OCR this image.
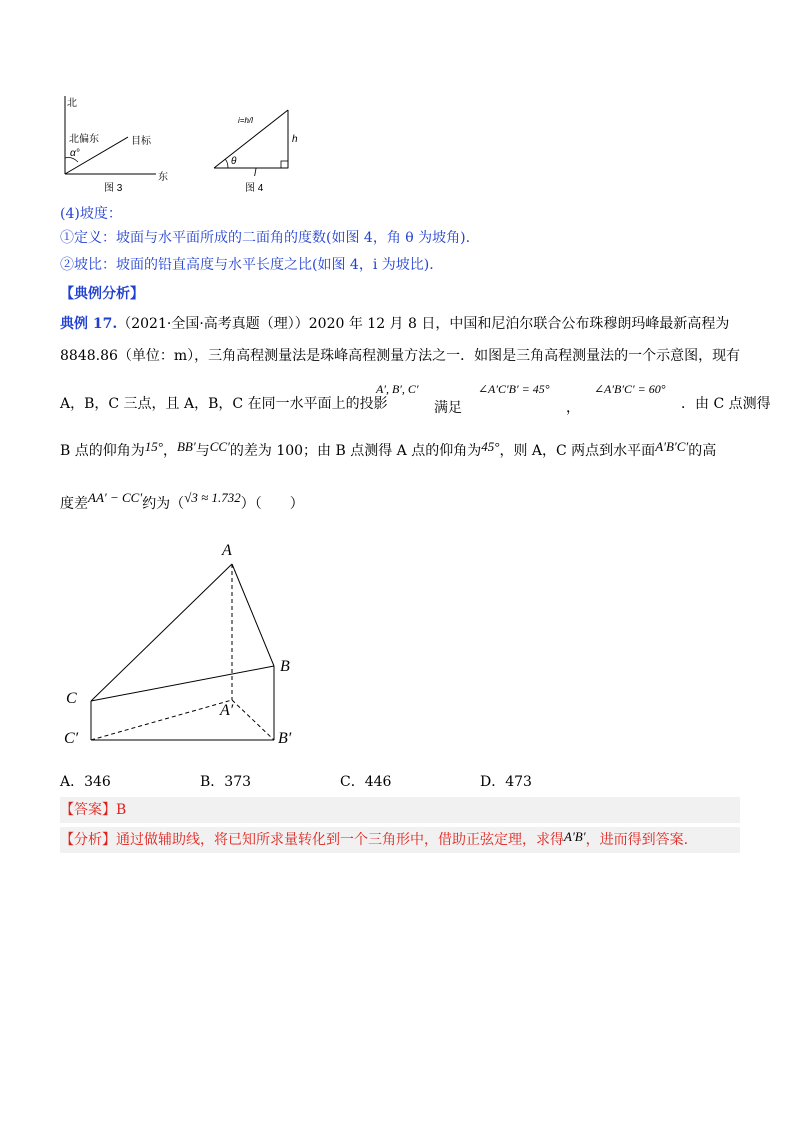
北
北偏东	目标
α°
东
图 3
i=h/l
h
θ
l
图 4
(4)坡度：
①定义：坡面与水平面所成的二面角的度数(如图 4，角 θ 为坡角).
②坡比：坡面的铅直高度与水平长度之比(如图 4，i 为坡比).
【典例分析】
典例 17.（2021·全国·高考真题（理））2020 年 12 月 8 日，中国和尼泊尔联合公布珠穆朗玛峰最新高程为
8848.86（单位：m），三角高程测量法是珠峰高程测量方法之一．如图是三角高程测量法的一个示意图，现有
A，B，C 三点，且 A，B，C 在同一水平面上的投影
A′, B′, C′
满足
∠A′C′B′ = 45°
，
∠A′B′C′ = 60°
．由 C 点测得
B 点的仰角为15°，BB′与CC′的差为 100；由 B 点测得 A 点的仰角为45°，则 A，C 两点到水平面A′B′C′的高
度差AA′ − CC′约为（√3 ≈ 1.732）（　　）
A
B
C
A′
B′
C′
A．346	B．373	C．446	D．473
【答案】B
【分析】通过做辅助线，将已知所求量转化到一个三角形中，借助正弦定理，求得A′B′，进而得到答案.
